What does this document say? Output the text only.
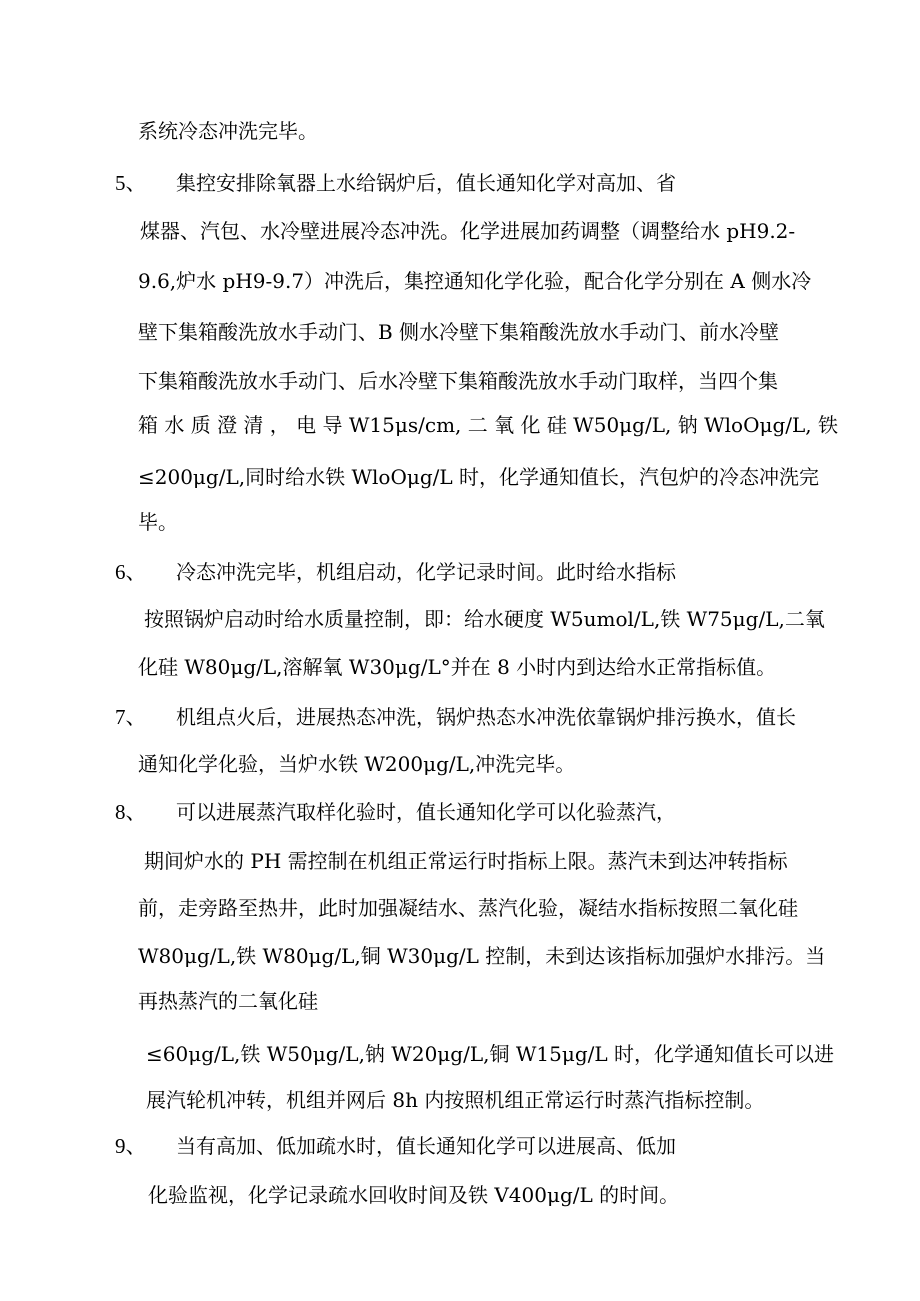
系统冷态冲洗完毕。
5、 集控安排除氧器上水给锅炉后，值长通知化学对高加、省
煤器、汽包、水冷壁进展冷态冲洗。化学进展加药调整（调整给水 pH9.2-
9.6,炉水 pH9-9.7）冲洗后，集控通知化学化验，配合化学分别在 A 侧水冷
壁下集箱酸洗放水手动门、B 侧水冷壁下集箱酸洗放水手动门、前水冷壁
下集箱酸洗放水手动门、后水冷壁下集箱酸洗放水手动门取样，当四个集
箱 水 质 澄 清 ， 电 导 W15μs∕cm, 二 氧 化 硅 W50μg∕L, 钠 WloOμg∕L, 铁
≤200μg∕L,同时给水铁 WloOμg∕L 时，化学通知值长，汽包炉的冷态冲洗完
毕。
6、 冷态冲洗完毕，机组启动，化学记录时间。此时给水指标
按照锅炉启动时给水质量控制，即：给水硬度 W5umol∕L,铁 W75μg∕L,二氧
化硅 W80μg∕L,溶解氧 W30μg∕L°并在 8 小时内到达给水正常指标值。
7、 机组点火后，进展热态冲洗，锅炉热态水冲洗依靠锅炉排污换水，值长
通知化学化验，当炉水铁 W200μg∕L,冲洗完毕。
8、 可以进展蒸汽取样化验时，值长通知化学可以化验蒸汽，
期间炉水的 PH 需控制在机组正常运行时指标上限。蒸汽未到达冲转指标
前，走旁路至热井，此时加强凝结水、蒸汽化验，凝结水指标按照二氧化硅
W80μg∕L,铁 W80μg∕L,铜 W30μg∕L 控制，未到达该指标加强炉水排污。当
再热蒸汽的二氧化硅
≤60μg∕L,铁 W50μg∕L,钠 W20μg∕L,铜 W15μg∕L 时，化学通知值长可以进
展汽轮机冲转，机组并网后 8h 内按照机组正常运行时蒸汽指标控制。
9、 当有高加、低加疏水时，值长通知化学可以进展高、低加
化验监视，化学记录疏水回收时间及铁 V400μg∕L 的时间。
